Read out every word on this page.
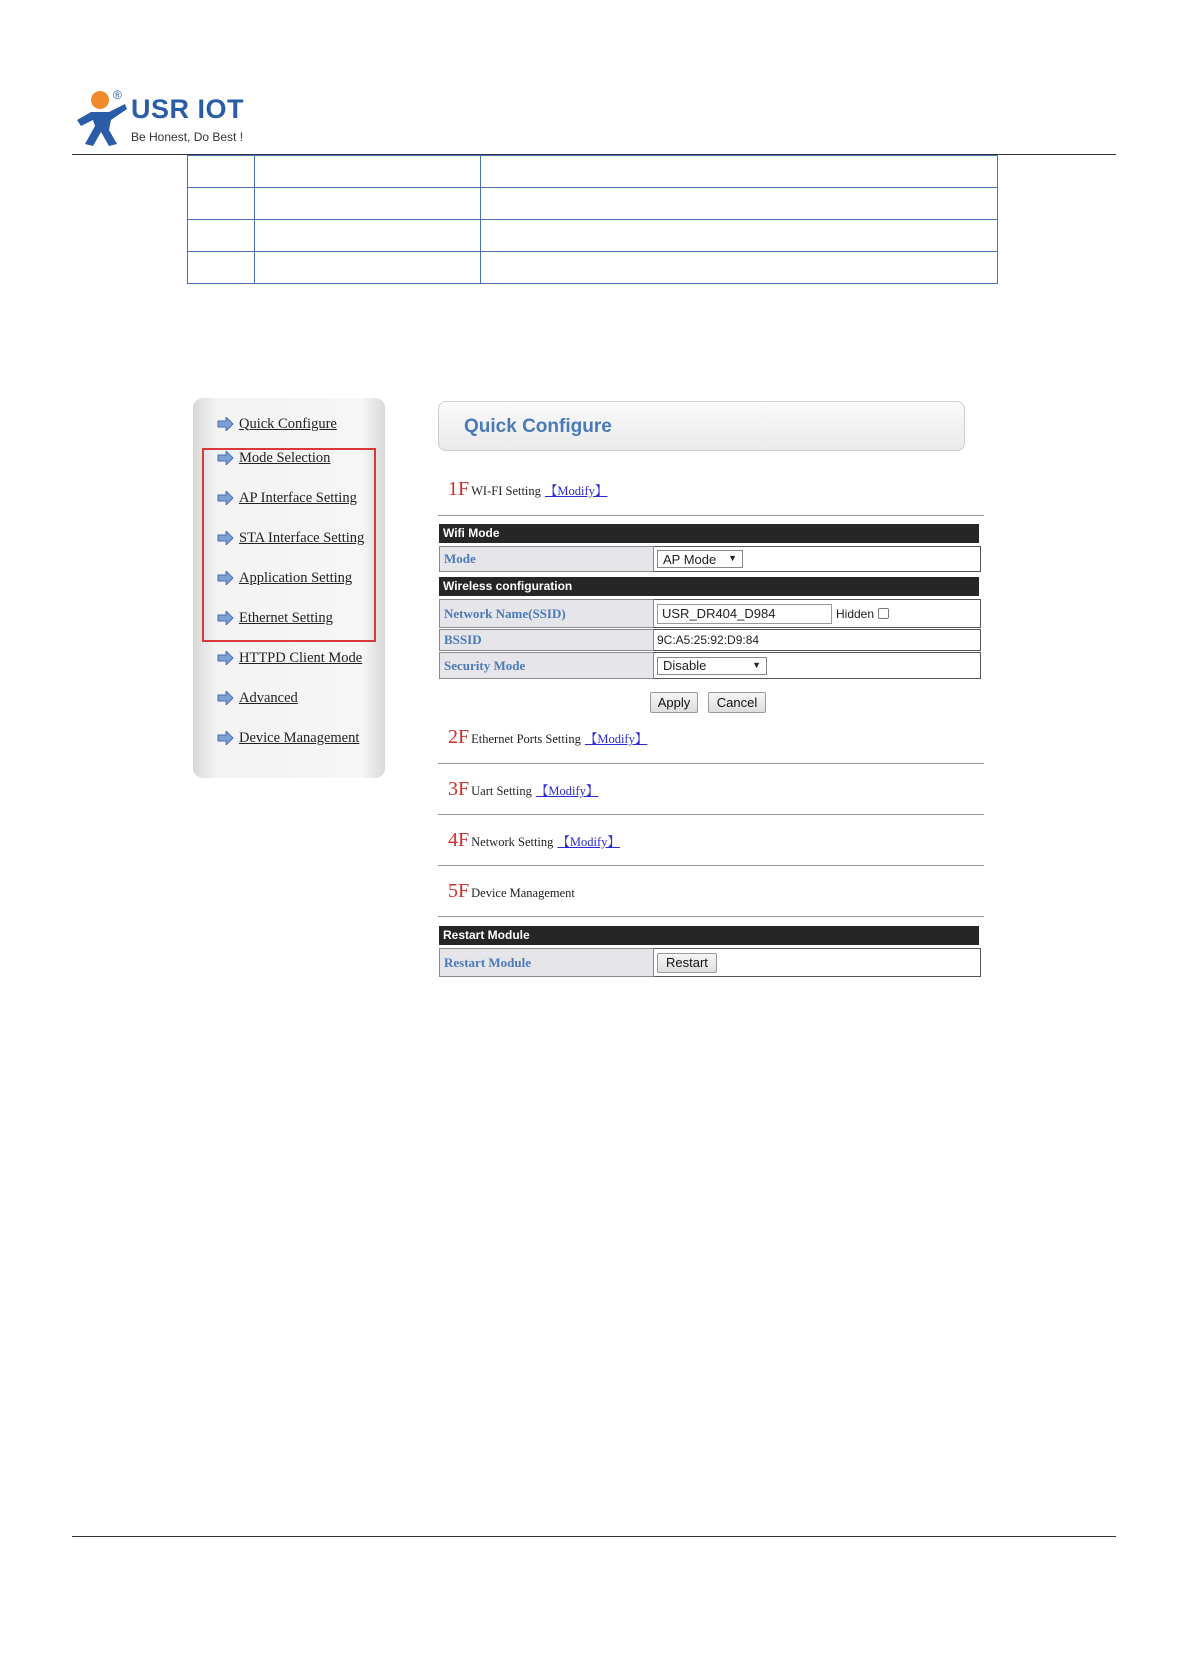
® USR IOT
Be Honest, Do Best !

Quick Configure
Mode Selection
AP Interface Setting
STA Interface Setting
Application Setting
Ethernet Setting
HTTPD Client Mode
Advanced
Device Management
Quick Configure
1F WI-FI Setting 【Modify】
Wifi Mode
Mode	AP Mode ▼
Wireless configuration
Network Name(SSID)	USR_DR404_D984	Hidden
BSSID	9C:A5:25:92:D9:84
Security Mode	Disable	▼
Apply	Cancel
2F Ethernet Ports Setting 【Modify】
3F Uart Setting 【Modify】
4F Network Setting 【Modify】
5F Device Management
Restart Module
Restart Module	Restart
